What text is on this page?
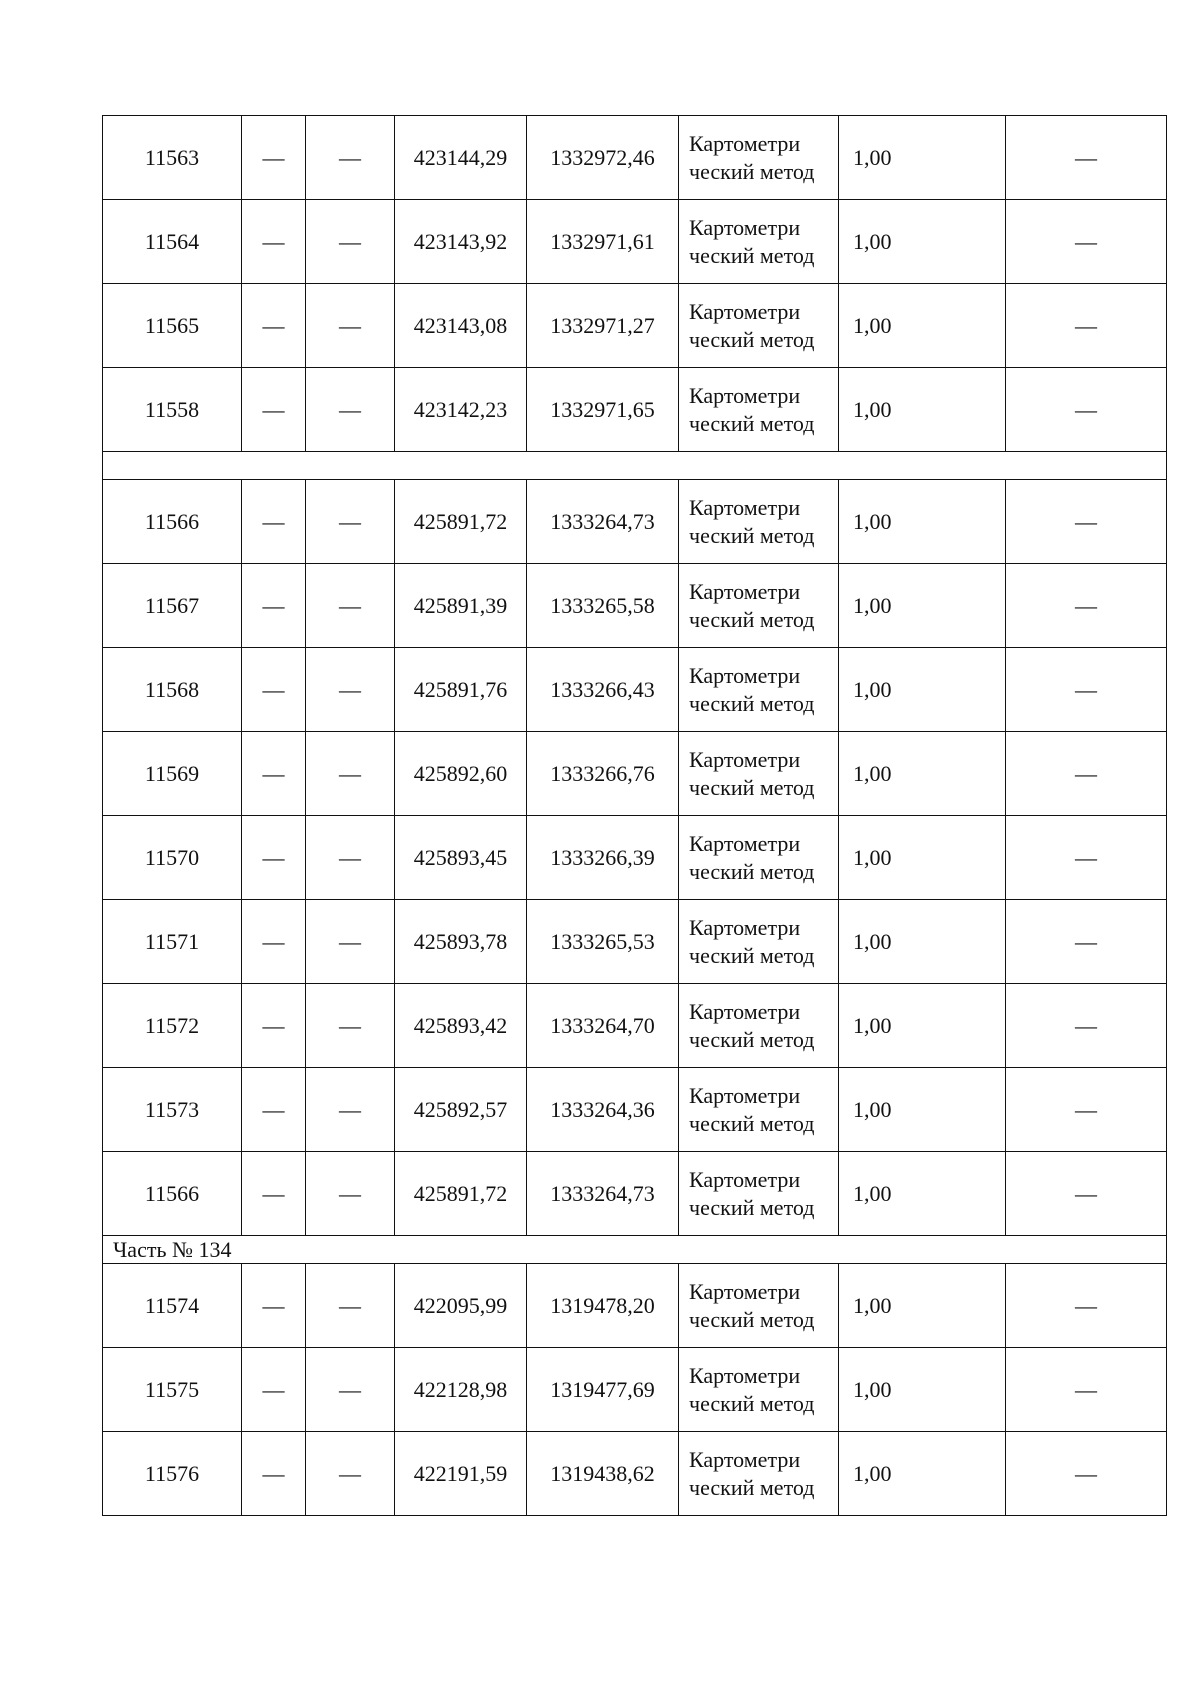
11563	—	—	423144,29	1332972,46	Картометри ческий метод	1,00	—
11564	—	—	423143,92	1332971,61	Картометри ческий метод	1,00	—
11565	—	—	423143,08	1332971,27	Картометри ческий метод	1,00	—
11558	—	—	423142,23	1332971,65	Картометри ческий метод	1,00	—

11566	—	—	425891,72	1333264,73	Картометри ческий метод	1,00	—
11567	—	—	425891,39	1333265,58	Картометри ческий метод	1,00	—
11568	—	—	425891,76	1333266,43	Картометри ческий метод	1,00	—
11569	—	—	425892,60	1333266,76	Картометри ческий метод	1,00	—
11570	—	—	425893,45	1333266,39	Картометри ческий метод	1,00	—
11571	—	—	425893,78	1333265,53	Картометри ческий метод	1,00	—
11572	—	—	425893,42	1333264,70	Картометри ческий метод	1,00	—
11573	—	—	425892,57	1333264,36	Картометри ческий метод	1,00	—
11566	—	—	425891,72	1333264,73	Картометри ческий метод	1,00	—
Часть № 134							
11574	—	—	422095,99	1319478,20	Картометри ческий метод	1,00	—
11575	—	—	422128,98	1319477,69	Картометри ческий метод	1,00	—
11576	—	—	422191,59	1319438,62	Картометри ческий метод	1,00	—
